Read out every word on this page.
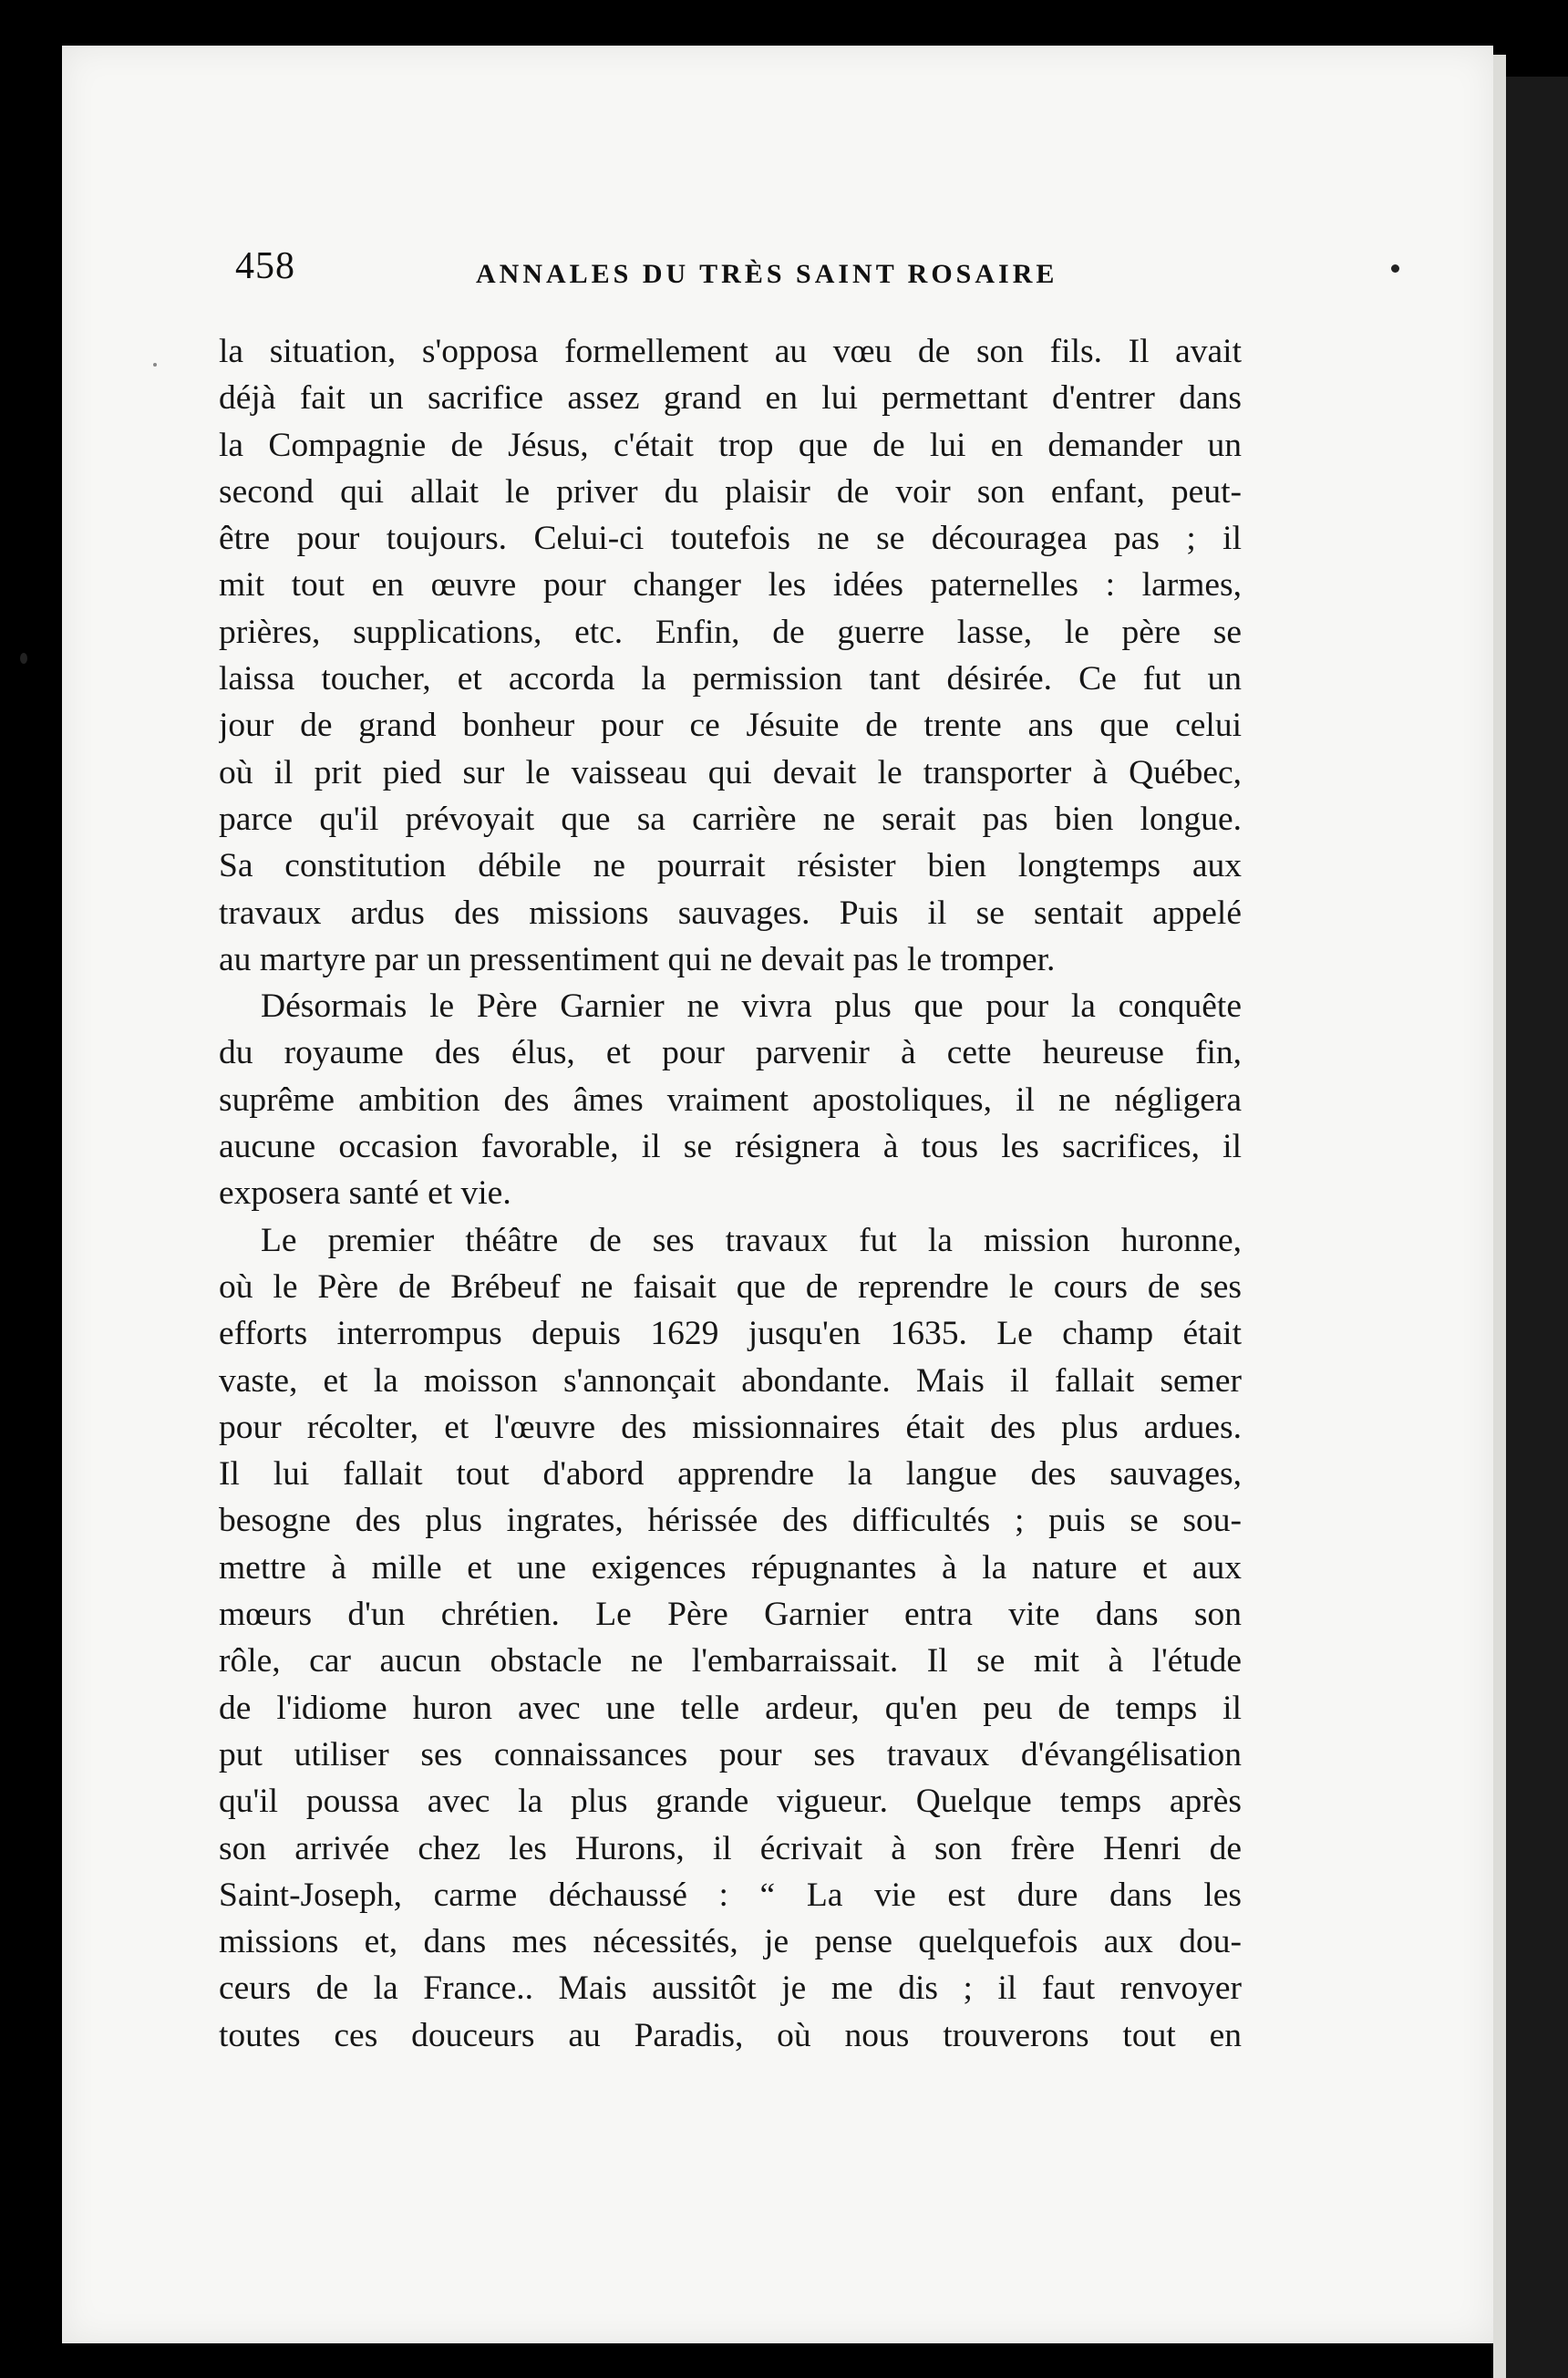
458	ANNALES DU TRÈS SAINT ROSAIRE
la situation, s'opposa formellement au vœu de son fils. Il avait
déjà fait un sacrifice assez grand en lui permettant d'entrer dans
la Compagnie de Jésus, c'était trop que de lui en demander un
second qui allait le priver du plaisir de voir son enfant, peut-
être pour toujours. Celui-ci toutefois ne se découragea pas ; il
mit tout en œuvre pour changer les idées paternelles : larmes,
prières, supplications, etc. Enfin, de guerre lasse, le père se
laissa toucher, et accorda la permission tant désirée. Ce fut un
jour de grand bonheur pour ce Jésuite de trente ans que celui
où il prit pied sur le vaisseau qui devait le transporter à Québec,
parce qu'il prévoyait que sa carrière ne serait pas bien longue.
Sa constitution débile ne pourrait résister bien longtemps aux
travaux ardus des missions sauvages. Puis il se sentait appelé
au martyre par un pressentiment qui ne devait pas le tromper.
Désormais le Père Garnier ne vivra plus que pour la conquête
du royaume des élus, et pour parvenir à cette heureuse fin,
suprême ambition des âmes vraiment apostoliques, il ne négligera
aucune occasion favorable, il se résignera à tous les sacrifices, il
exposera santé et vie.
Le premier théâtre de ses travaux fut la mission huronne,
où le Père de Brébeuf ne faisait que de reprendre le cours de ses
efforts interrompus depuis 1629 jusqu'en 1635. Le champ était
vaste, et la moisson s'annonçait abondante. Mais il fallait semer
pour récolter, et l'œuvre des missionnaires était des plus ardues.
Il lui fallait tout d'abord apprendre la langue des sauvages,
besogne des plus ingrates, hérissée des difficultés ; puis se sou-
mettre à mille et une exigences répugnantes à la nature et aux
mœurs d'un chrétien. Le Père Garnier entra vite dans son
rôle, car aucun obstacle ne l'embarraissait. Il se mit à l'étude
de l'idiome huron avec une telle ardeur, qu'en peu de temps il
put utiliser ses connaissances pour ses travaux d'évangélisation
qu'il poussa avec la plus grande vigueur. Quelque temps après
son arrivée chez les Hurons, il écrivait à son frère Henri de
Saint-Joseph, carme déchaussé : “ La vie est dure dans les
missions et, dans mes nécessités, je pense quelquefois aux dou-
ceurs de la France.. Mais aussitôt je me dis ; il faut renvoyer
toutes ces douceurs au Paradis, où nous trouverons tout en
